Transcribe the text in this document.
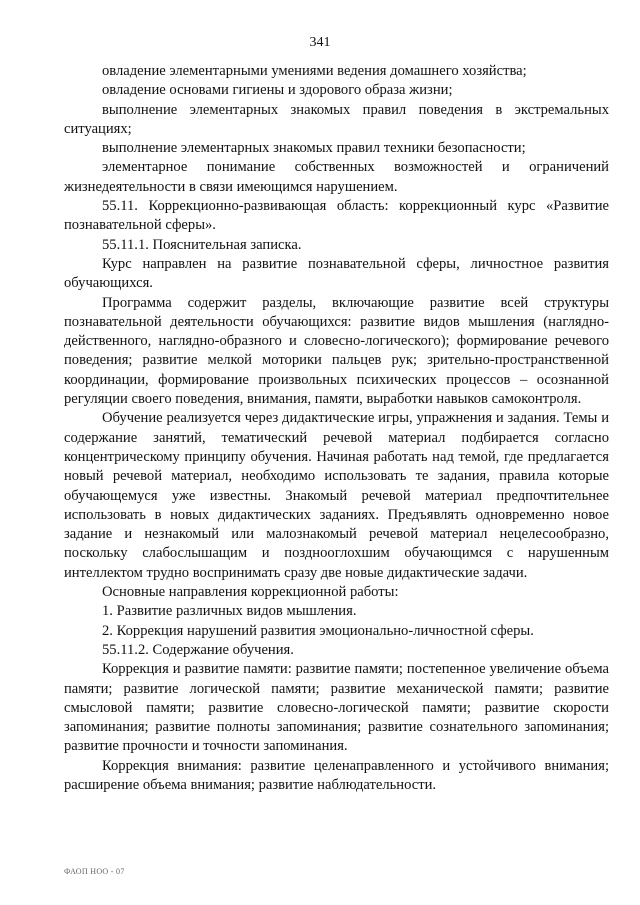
341

овладение элементарными умениями ведения домашнего хозяйства;

овладение основами гигиены и здорового образа жизни;

выполнение элементарных знакомых правил поведения в экстремальных ситуациях;

выполнение элементарных знакомых правил техники безопасности;

элементарное понимание собственных возможностей и ограничений жизнедеятельности в связи имеющимся нарушением.

55.11. Коррекционно-развивающая область: коррекционный курс «Развитие познавательной сферы».

55.11.1. Пояснительная записка.

Курс направлен на развитие познавательной сферы, личностное развития обучающихся.

Программа содержит разделы, включающие развитие всей структуры познавательной деятельности обучающихся: развитие видов мышления (наглядно-действенного, наглядно-образного и словесно-логического); формирование речевого поведения; развитие мелкой моторики пальцев рук; зрительно-пространственной координации, формирование произвольных психических процессов – осознанной регуляции своего поведения, внимания, памяти, выработки навыков самоконтроля.

Обучение реализуется через дидактические игры, упражнения и задания. Темы и содержание занятий, тематический речевой материал подбирается согласно концентрическому принципу обучения. Начиная работать над темой, где предлагается новый речевой материал, необходимо использовать те задания, правила которые обучающемуся уже известны. Знакомый речевой материал предпочтительнее использовать в новых дидактических заданиях. Предъявлять одновременно новое задание и незнакомый или малознакомый речевой материал нецелесообразно, поскольку слабослышащим и позднооглохшим обучающимся с нарушенным интеллектом трудно воспринимать сразу две новые дидактические задачи.

Основные направления коррекционной работы:

1. Развитие различных видов мышления.

2. Коррекция нарушений развития эмоционально-личностной сферы.

55.11.2. Содержание обучения.

Коррекция и развитие памяти: развитие памяти; постепенное увеличение объема памяти; развитие логической памяти; развитие механической памяти; развитие смысловой памяти; развитие словесно-логической памяти; развитие скорости запоминания; развитие полноты запоминания; развитие сознательного запоминания; развитие прочности и точности запоминания.

Коррекция внимания: развитие целенаправленного и устойчивого внимания; расширение объема внимания; развитие наблюдательности.

ФАОП НОО - 07
